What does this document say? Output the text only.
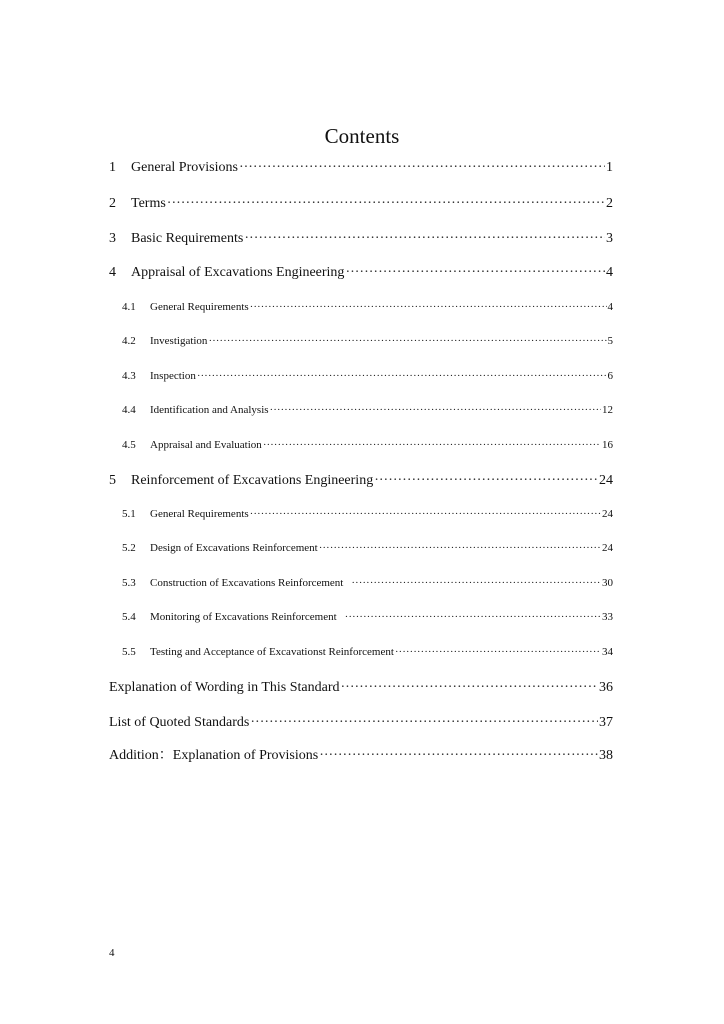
Contents
1	General Provisions ·····	1
2	Terms ·····	2
3	Basic Requirements ·····	3
4	Appraisal of Excavations Engineering ·····	4
4.1	General Requirements ·····	4
4.2	Investigation ·····	5
4.3	Inspection ·····	6
4.4	Identification and Analysis ·····	12
4.5	Appraisal and Evaluation ·····	16
5	Reinforcement of Excavations Engineering ·····	24
5.1	General Requirements ·····	24
5.2	Design of Excavations Reinforcement ·····	24
5.3	Construction of Excavations Reinforcement ·····	30
5.4	Monitoring of Excavations Reinforcement ·····	33
5.5	Testing and Acceptance of Excavationst Reinforcement ·····	34
Explanation of Wording in This Standard ·····	36
List of Quoted Standards ·····	37
Addition：Explanation of Provisions ·····	38
4
